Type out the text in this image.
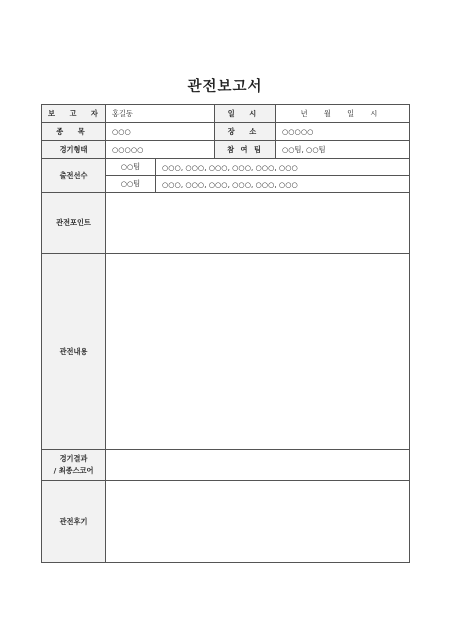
관전보고서
보 고 자	홍길동		일 시	년 월 일 시
종 목	○○○		장 소	○○○○○
경기형태	○○○○○		참 여 팀	○○팀, ○○팀
출전선수	○○팀	○○○, ○○○, ○○○, ○○○, ○○○, ○○○		
	○○팀	○○○, ○○○, ○○○, ○○○, ○○○, ○○○		
관전포인트				
관전내용				

경기결과
/ 최종스코어				

관전후기				
